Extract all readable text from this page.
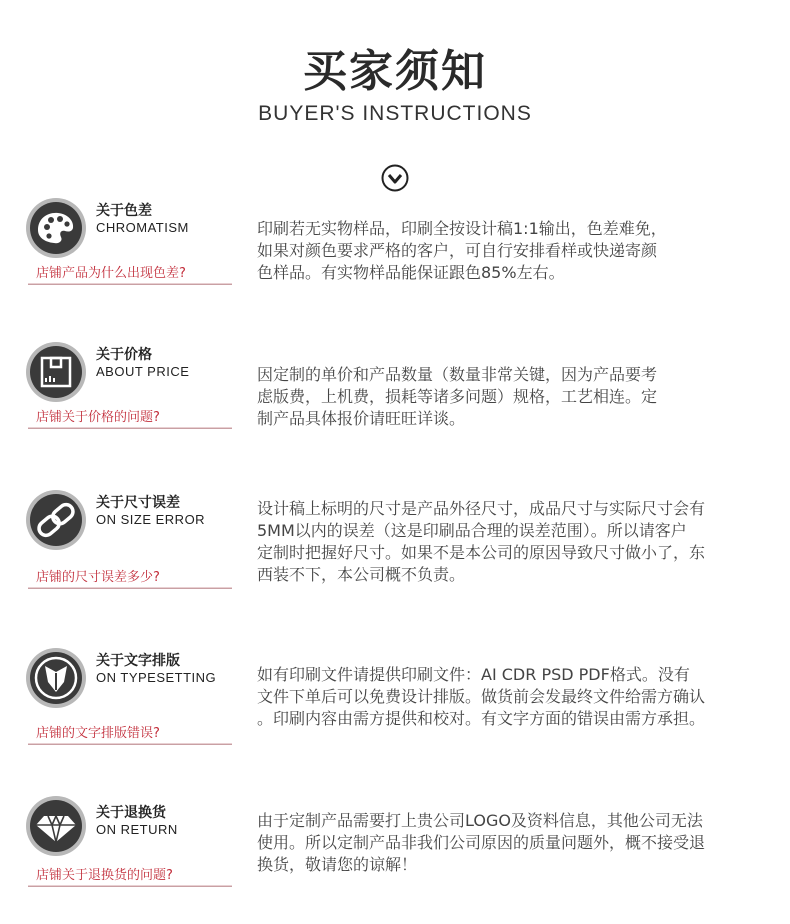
买家须知
BUYER'S INSTRUCTIONS
关于色差
CHROMATISM
店铺产品为什么出现色差?

印刷若无实物样品，印刷全按设计稿1:1输出，色差难免，

如果对颜色要求严格的客户，可自行安排看样或快递寄颜

色样品。有实物样品能保证跟色85%左右。

关于价格
ABOUT PRICE
店铺关于价格的问题?

因定制的单价和产品数量（数量非常关键，因为产品要考

虑版费，上机费，损耗等诸多问题）规格，工艺相连。定

制产品具体报价请旺旺详谈。

关于尺寸误差
ON SIZE ERROR
店铺的尺寸误差多少?

设计稿上标明的尺寸是产品外径尺寸，成品尺寸与实际尺寸会有

5MM以内的误差（这是印刷品合理的误差范围）。所以请客户

定制时把握好尺寸。如果不是本公司的原因导致尺寸做小了，东

西装不下，本公司概不负责。

关于文字排版
ON TYPESETTING
店铺的文字排版错误?

如有印刷文件请提供印刷文件：AI CDR PSD PDF格式。没有

文件下单后可以免费设计排版。做货前会发最终文件给需方确认

。印刷内容由需方提供和校对。有文字方面的错误由需方承担。

关于退换货
ON RETURN
店铺关于退换货的问题?

由于定制产品需要打上贵公司LOGO及资料信息，其他公司无法

使用。所以定制产品非我们公司原因的质量问题外，概不接受退

换货，敬请您的谅解！
